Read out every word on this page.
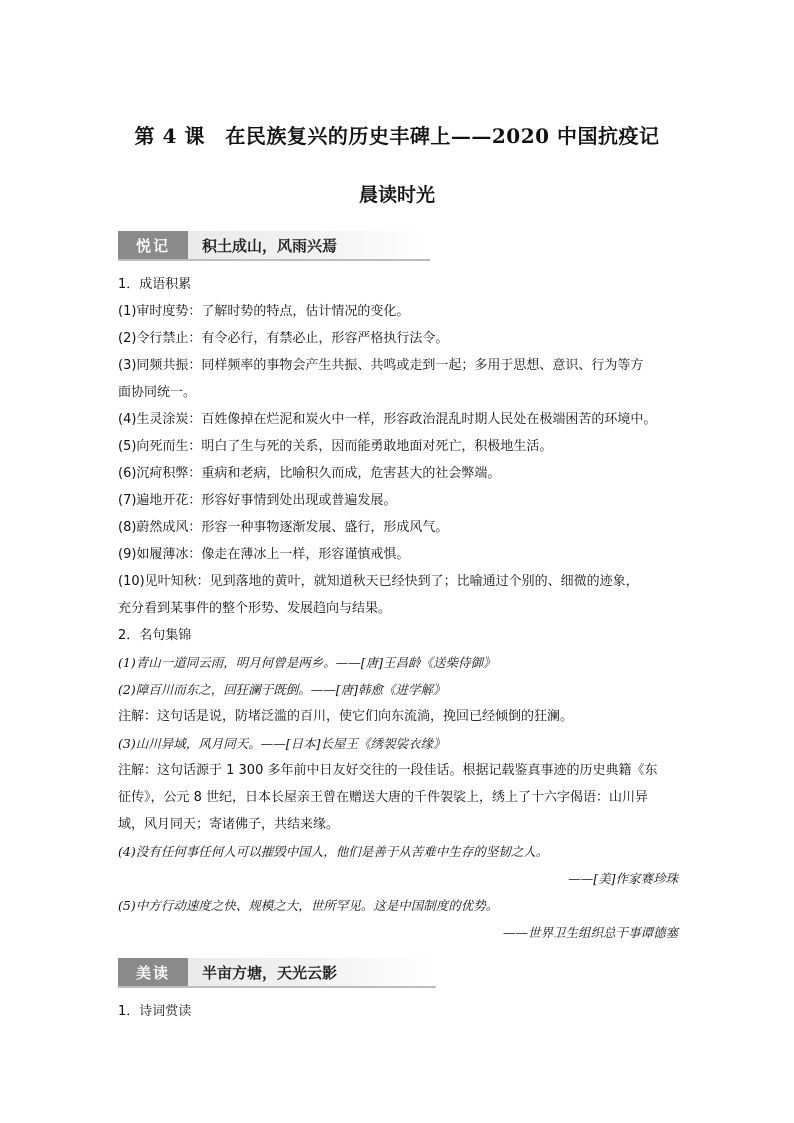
第 4 课　在民族复兴的历史丰碑上——2020 中国抗疫记
晨读时光
悦记	积土成山，风雨兴焉

1．成语积累

(1)审时度势：了解时势的特点，估计情况的变化。

(2)令行禁止：有令必行，有禁必止，形容严格执行法令。

(3)同频共振：同样频率的事物会产生共振、共鸣或走到一起；多用于思想、意识、行为等方

面协同统一。

(4)生灵涂炭：百姓像掉在烂泥和炭火中一样，形容政治混乱时期人民处在极端困苦的环境中。

(5)向死而生：明白了生与死的关系，因而能勇敢地面对死亡，积极地生活。

(6)沉疴积弊：重病和老病，比喻积久而成，危害甚大的社会弊端。

(7)遍地开花：形容好事情到处出现或普遍发展。

(8)蔚然成风：形容一种事物逐渐发展、盛行，形成风气。

(9)如履薄冰：像走在薄冰上一样，形容谨慎戒惧。

(10)见叶知秋：见到落地的黄叶，就知道秋天已经快到了；比喻通过个别的、细微的迹象，

充分看到某事件的整个形势、发展趋向与结果。

2．名句集锦

(1)青山一道同云雨，明月何曾是两乡。——[唐]王昌龄《送柴侍御》

(2)障百川而东之，回狂澜于既倒。——[唐]韩愈《进学解》

注解：这句话是说，防堵泛滥的百川，使它们向东流淌，挽回已经倾倒的狂澜。

(3)山川异域，风月同天。——[日本]长屋王《绣袈裟衣缘》

注解：这句话源于 1 300 多年前中日友好交往的一段佳话。根据记载鉴真事迹的历史典籍《东

征传》，公元 8 世纪，日本长屋亲王曾在赠送大唐的千件袈裟上，绣上了十六字偈语：山川异

域，风月同天；寄诸佛子，共结来缘。

(4)没有任何事任何人可以摧毁中国人，他们是善于从苦难中生存的坚韧之人。

——[美]作家赛珍珠

(5)中方行动速度之快、规模之大，世所罕见。这是中国制度的优势。

——世界卫生组织总干事谭德塞

美读	半亩方塘，天光云影

1．诗词赏读
